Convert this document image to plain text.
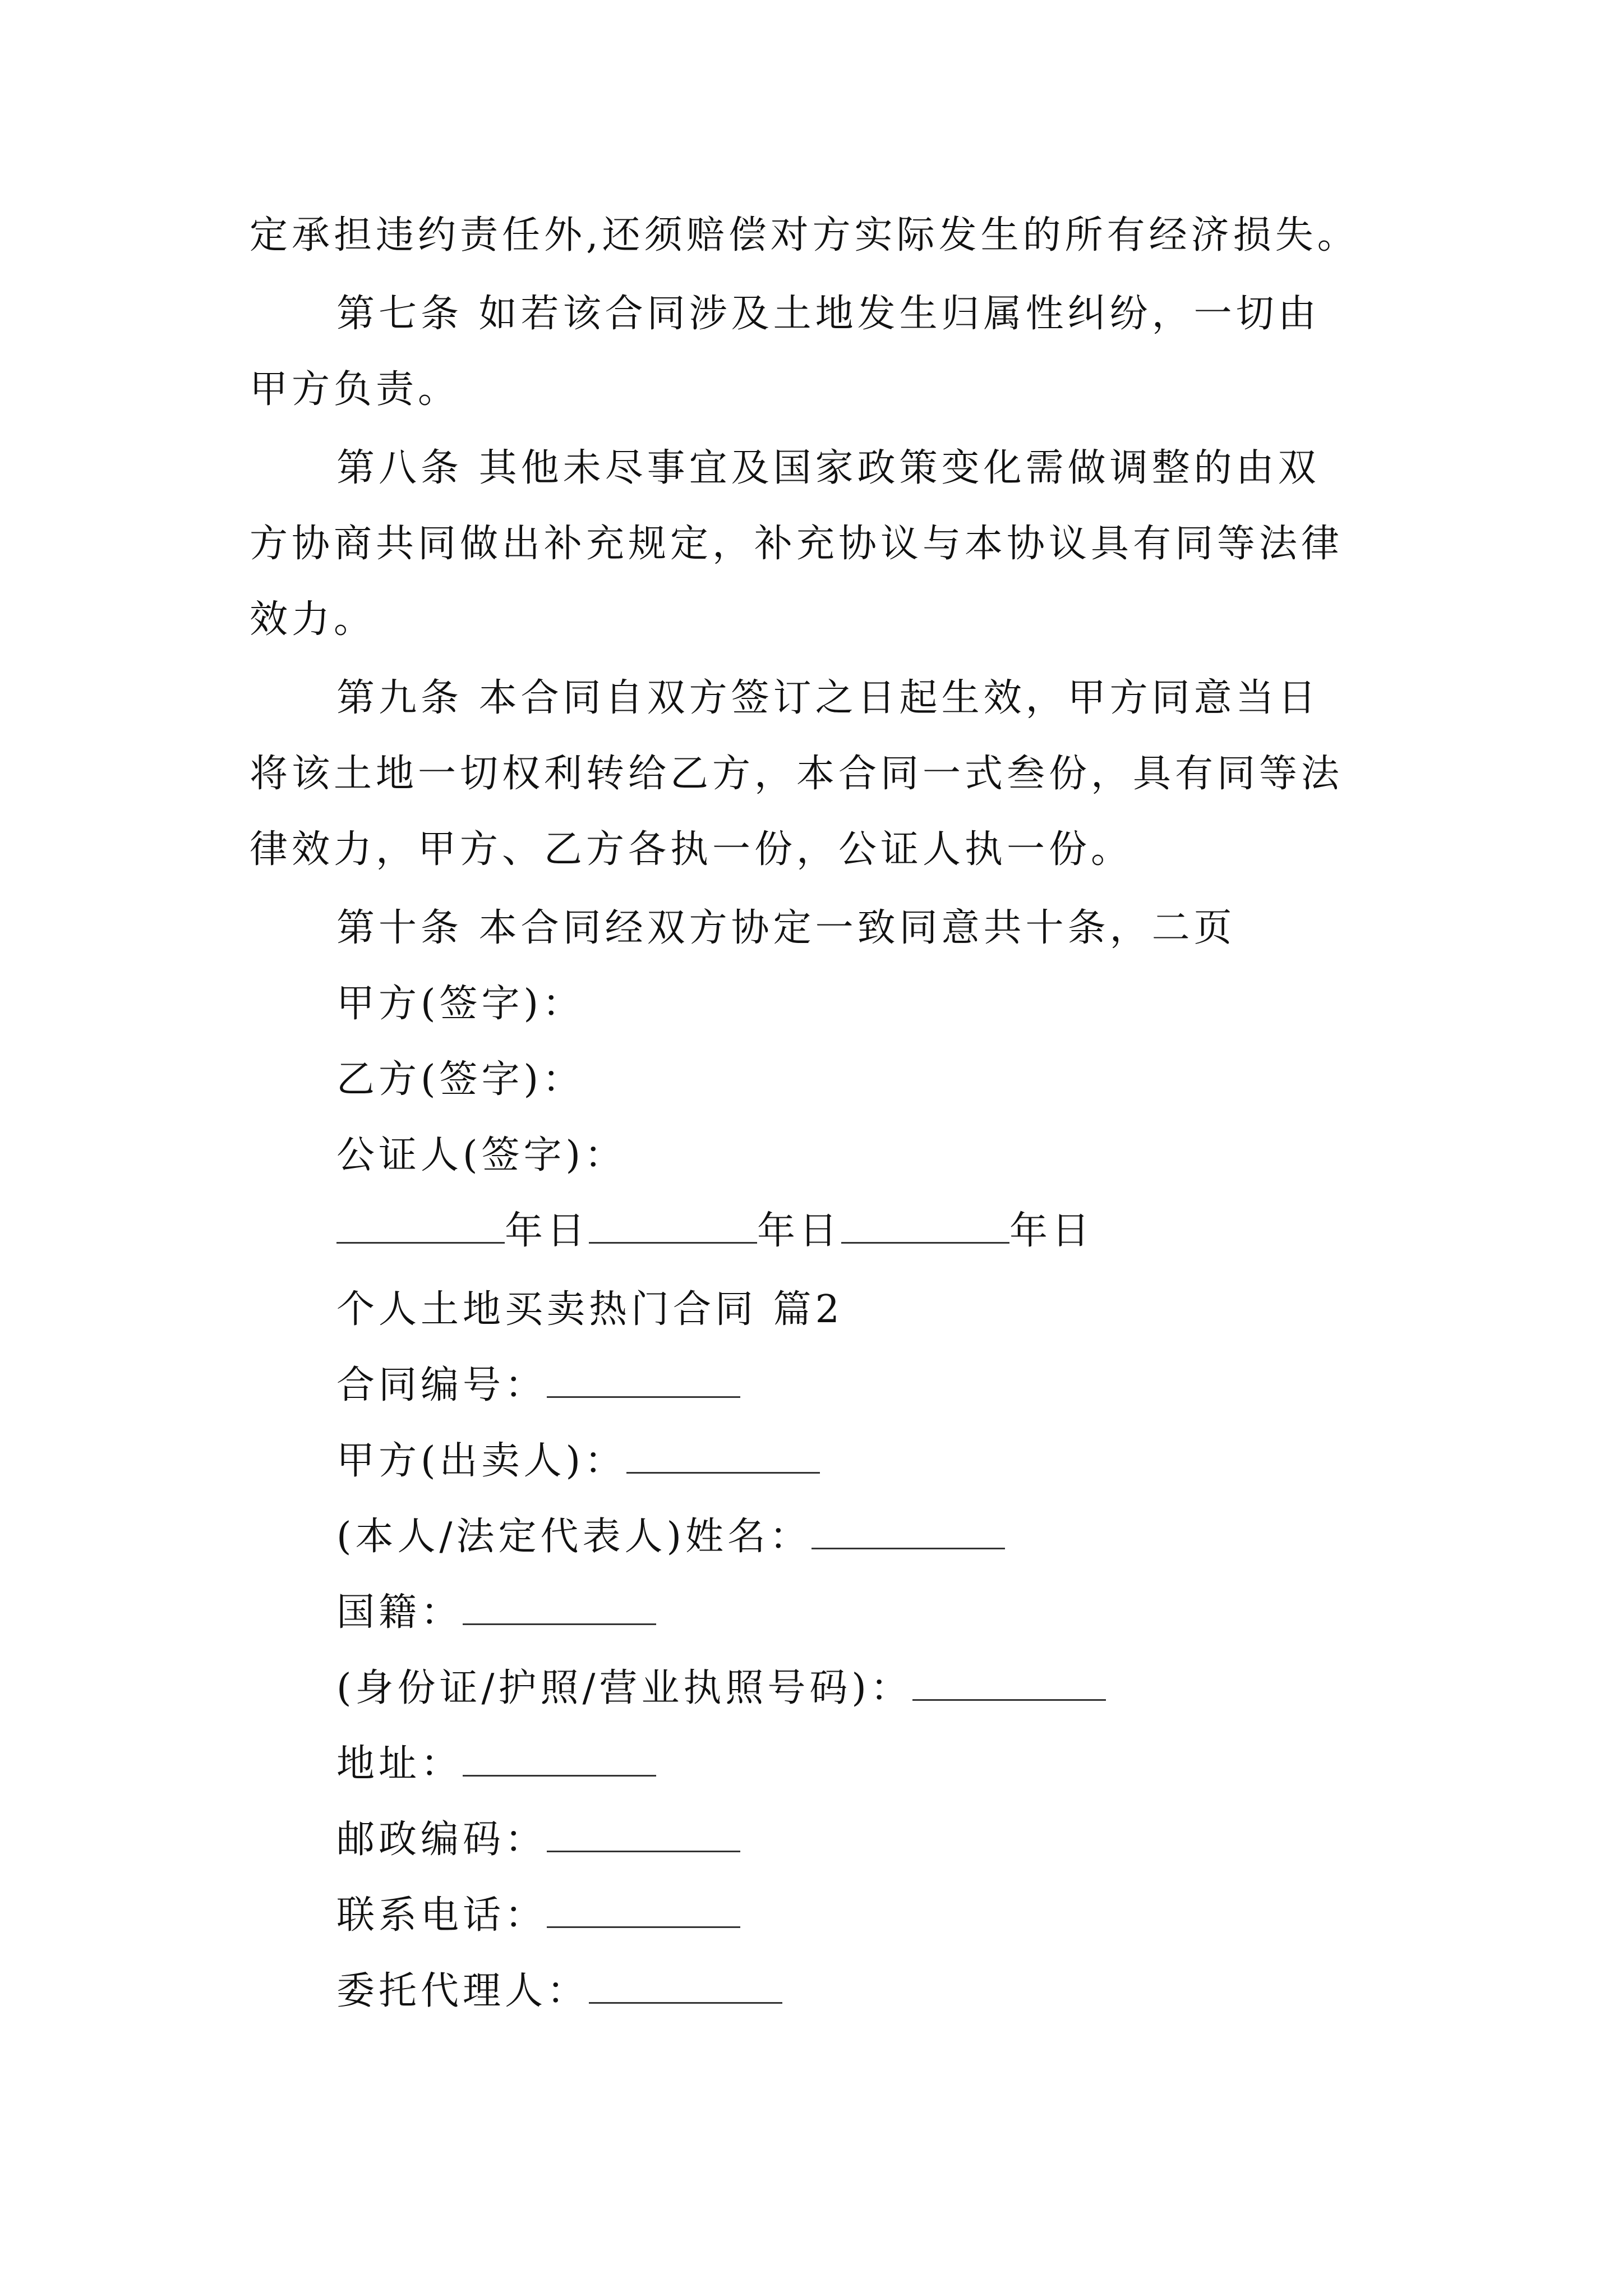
定承担违约责任外,还须赔偿对方实际发生的所有经济损失。

第七条 如若该合同涉及土地发生归属性纠纷，一切由

甲方负责。

第八条 其他未尽事宜及国家政策变化需做调整的由双

方协商共同做出补充规定，补充协议与本协议具有同等法律

效力。

第九条 本合同自双方签订之日起生效，甲方同意当日

将该土地一切权利转给乙方，本合同一式叁份，具有同等法

律效力，甲方、乙方各执一份，公证人执一份。

第十条 本合同经双方协定一致同意共十条，二页

甲方(签字)：

乙方(签字)：

公证人(签字)：

年日	年日	年日

个人土地买卖热门合同 篇2

合同编号：

甲方(出卖人)：

(本人/法定代表人)姓名：

国籍：

(身份证/护照/营业执照号码)：

地址：

邮政编码：

联系电话：

委托代理人：
